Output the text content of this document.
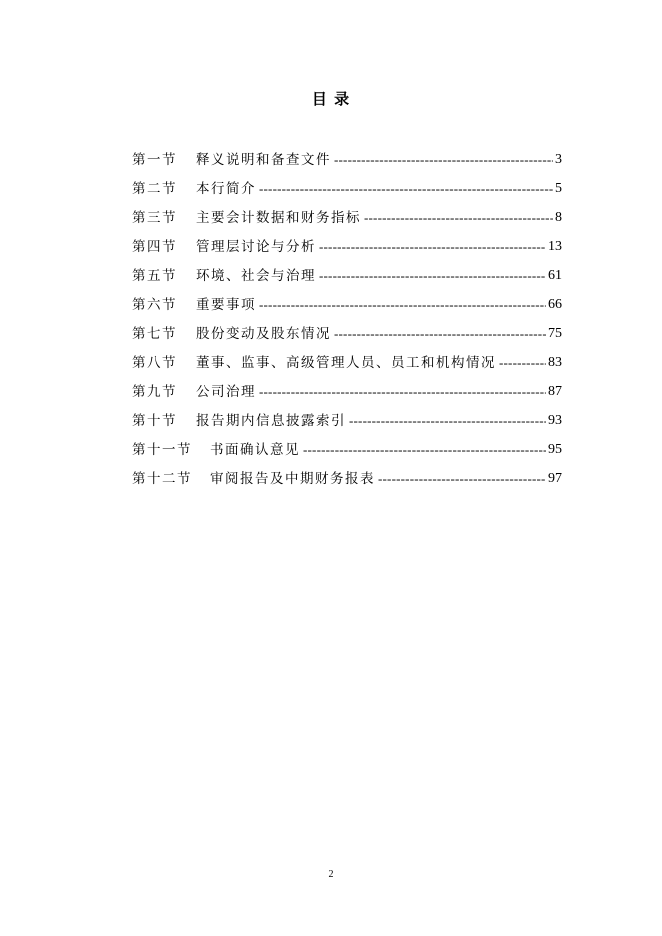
目 录
第一节	释义说明和备查文件 -----	3
第二节	本行简介 -----	5
第三节	主要会计数据和财务指标 -----	8
第四节	管理层讨论与分析 -----	13
第五节	环境、社会与治理 -----	61
第六节	重要事项 -----	66
第七节	股份变动及股东情况 -----	75
第八节	董事、监事、高级管理人员、员工和机构情况 -----	83
第九节	公司治理 -----	87
第十节	报告期内信息披露索引 -----	93
第十一节	书面确认意见 -----	95
第十二节	审阅报告及中期财务报表 -----	97
2
